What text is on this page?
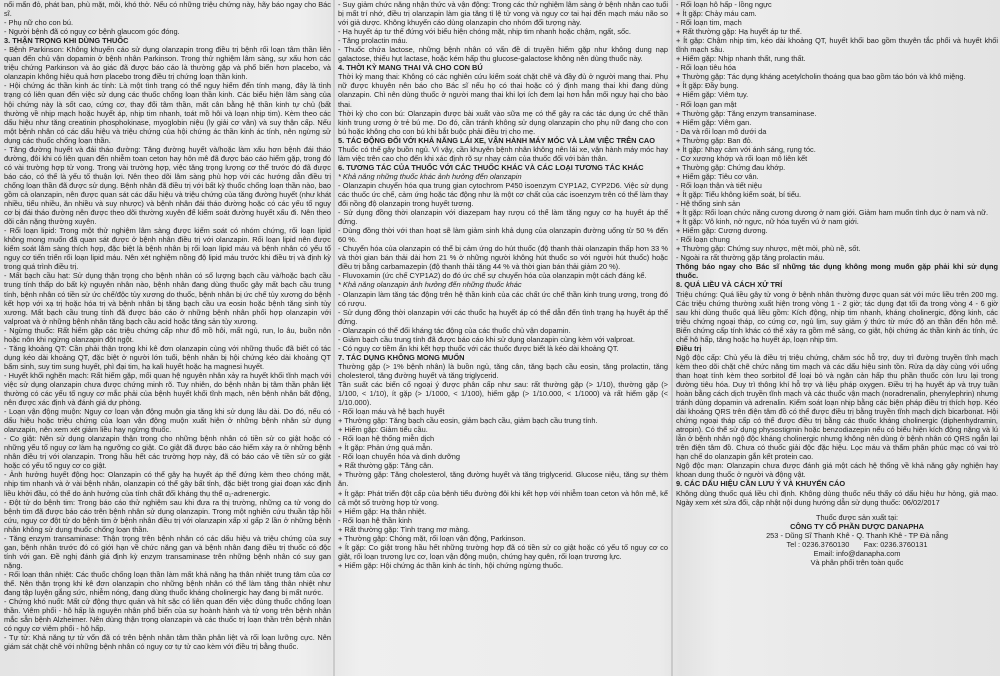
nổi mẩn đỏ, phát ban, phù mặt, môi, khó thở. Nếu có những triệu chứng này, hãy báo ngay cho Bác sĩ.

- Phụ nữ cho con bú.

- Người bệnh đã có nguy cơ bệnh glaucom góc đóng.

3. THẬN TRỌNG KHI DÙNG THUỐC

- Bệnh Parkinson: Không khuyến cáo sử dụng olanzapin trong điều trị bệnh rối loạn tâm thần liên quan đến chủ vận dopamin ở bệnh nhân Parkinson. Trong thử nghiệm lâm sàng, sự xấu hơn các triệu chứng Parkinson và ảo giác đã được báo cáo là thường gặp và phổ biến hơn placebo, và olanzapin không hiệu quả hơn placebo trong điều trị chứng loạn thần kinh.

- Hội chứng ác thần kinh ác tính: Là một tình trạng có thể nguy hiểm đến tính mạng, đây là tình trạng có liên quan đến việc sử dụng các thuốc chống loạn thần kinh. Các biểu hiện lâm sàng của hội chứng này là sốt cao, cứng cơ, thay đổi tâm thần, mất cân bằng hệ thần kinh tự chủ (bất thường về nhịp mạch hoặc huyết áp, nhịp tim nhanh, toát mồ hôi và loạn nhịp tim). Kèm theo các dấu hiệu như tăng creatinin phosphokinase, myoglobin niệu (ly giải cơ vân) và suy thận cấp. Nếu một bệnh nhân có các dấu hiệu và triệu chứng của hội chứng ác thần kinh ác tính, nên ngừng sử dụng các thuốc chống loạn thần.

- Tăng đường huyết và đái tháo đường: Tăng đường huyết và/hoặc làm xấu hơn bệnh đái tháo đường, đôi khi có liên quan đến nhiễm toan ceton hay hôn mê đã được báo cáo hiếm gặp, trong đó có vài trường hợp tử vong. Trong vài trường hợp, việc tăng trọng lượng cơ thể trước đó đã được báo cáo, có thể là yếu tố thuận lợi. Nên theo dõi lâm sàng phù hợp với các hướng dẫn điều trị chống loạn thần đã được sử dụng. Bệnh nhân đã điều trị với bất kỳ thuốc chống loạn thần nào, bao gồm cả olanzapin, nên được quan sát các dấu hiệu và triệu chứng của tăng đường huyết (như khát nhiều, tiểu nhiều, ăn nhiều và suy nhược) và bệnh nhân đái tháo đường hoặc có các yếu tố nguy cơ bị đái tháo đường nên được theo dõi thường xuyên để kiểm soát đường huyết xấu đi. Nên theo dõi cân nặng thường xuyên.

- Rối loạn lipid: Trong một thử nghiệm lâm sàng được kiểm soát có nhóm chứng, rối loạn lipid không mong muốn đã quan sát được ở bệnh nhân điều trị với olanzapin. Rối loạn lipid nên được kiểm soát lâm sàng thích hợp, đặc biệt là bệnh nhân bị rối loạn lipid máu và bệnh nhân có yếu tố nguy cơ tiến triển rối loạn lipid máu. Nên xét nghiệm nồng độ lipid máu trước khi điều trị và định kỳ trong quá trình điều trị.

- Mất bạch cầu hạt: Sử dụng thận trọng cho bệnh nhân có số lượng bạch cầu và/hoặc bạch cầu trung tính thấp do bất kỳ nguyên nhân nào, bệnh nhân đang dùng thuốc gây mất bạch cầu trung tính, bệnh nhân có tiền sử ức chế/độc tủy xương do thuốc, bệnh nhân bị ức chế tủy xương do bệnh kết hợp với xạ trị hoặc hóa trị và bệnh nhân bị tăng bạch cầu ưa eosin hoặc bệnh tăng sinh tủy xương. Mất bạch cầu trung tính đã được báo cáo ở những bệnh nhân phối hợp olanzapin với valproat và ở những bệnh nhân tăng bạch cầu acid hoặc tăng sản tủy xương.

- Ngừng thuốc: Rất hiếm gặp các triệu chứng cấp như đổ mồ hôi, mất ngủ, run, lo âu, buồn nôn hoặc nôn khi ngừng olanzapin đột ngột.

- Tăng khoảng QT: Cần phải thận trọng khi kê đơn olanzapin cùng với những thuốc đã biết có tác dụng kéo dài khoảng QT, đặc biệt ở người lớn tuổi, bệnh nhân bị hội chứng kéo dài khoảng QT bẩm sinh, suy tim sung huyết, phì đại tim, hạ kali huyết hoặc hạ magnesi huyết.

- Huyết khối nghẽn mạch: Rất hiếm gặp, mối quan hệ nguyên nhân xảy ra huyết khối tĩnh mạch với việc sử dụng olanzapin chưa được chứng minh rõ. Tuy nhiên, do bệnh nhân bị tâm thần phân liệt thường có các yếu tố nguy cơ mắc phải của bệnh huyết khối tĩnh mạch, nên bệnh nhân bất động, nên được xác định và đánh giá dự phòng.

- Loạn vận động muộn: Nguy cơ loạn vận động muộn gia tăng khi sử dụng lâu dài. Do đó, nếu có dấu hiệu hoặc triệu chứng của loạn vận động muộn xuất hiện ở những bệnh nhân sử dụng olanzapin, nên xem xét giảm liều hay ngừng thuốc.

- Co giật: Nên sử dụng olanzapin thận trọng cho những bệnh nhân có tiền sử co giật hoặc có những yếu tố nguy cơ làm hạ ngưỡng co giật. Co giật đã được báo cáo hiếm xảy ra ở những bệnh nhân điều trị với olanzapin. Trong hầu hết các trường hợp này, đã có báo cáo về tiền sử co giật hoặc có yếu tố nguy cơ co giật.

- Ảnh hưởng huyết động học: Olanzapin có thể gây hạ huyết áp thế đứng kèm theo chóng mặt, nhịp tim nhanh và ở vài bệnh nhân, olanzapin có thể gây bất tỉnh, đặc biệt trong giai đoạn xác định liều khởi đầu, có thể do ảnh hưởng của tính chất đối kháng thụ thể α₁-adrenergic.

- Đột tử do bệnh tim: Trong báo cáo thử nghiệm sau khi đưa ra thị trường, những ca tử vong do bệnh tim đã được báo cáo trên bệnh nhân sử dụng olanzapin. Trong một nghiên cứu thuần tập hồi cứu, nguy cơ đột tử do bệnh tim ở bệnh nhân điều trị với olanzapin xấp xỉ gấp 2 lần ở những bệnh nhân không sử dụng thuốc chống loạn thần.

- Tăng enzym transaminase: Thận trọng trên bệnh nhân có các dấu hiệu và triệu chứng của suy gan, bệnh nhân trước đó có giới hạn về chức năng gan và bệnh nhân đang điều trị thuốc có độc tính với gan. Đề nghị đánh giá định kỳ enzym transaminase trên những bệnh nhân có suy gan nặng.

- Rối loạn thân nhiệt: Các thuốc chống loạn thần làm mất khả năng hạ thân nhiệt trung tâm của cơ thể. Nên thận trọng khi kê đơn olanzapin cho những bệnh nhân có thể làm tăng thân nhiệt như đang tập luyện gắng sức, nhiễm nóng, đang dùng thuốc kháng cholinergic hay đang bị mất nước.

- Chứng khó nuốt: Mất cử động thực quản và hít sặc có liên quan đến việc dùng thuốc chống loạn thần. Viêm phổi - hô hấp là nguyên nhân phổ biến của sự hoành hành và tử vong trên bệnh nhân mắc sẵn bệnh Alzheimer. Nên dùng thận trọng olanzapin và các thuốc trị loạn thần trên bệnh nhân có nguy cơ viêm phổi - hô hấp.

- Tự tử: Khả năng tự tử vốn đã có trên bệnh nhân tâm thần phân liệt và rối loạn lưỡng cực. Nên giám sát chặt chẽ với những bệnh nhân có nguy cơ tự tử cao kèm với điều trị bằng thuốc.

- Suy giảm chức năng nhận thức và vận động: Trong các thử nghiệm lâm sàng ở bệnh nhân cao tuổi bị mất trí nhớ, điều trị olanzapin làm gia tăng tỉ lệ tử vong và nguy cơ tai hại đến mạch máu não so với giả dược. Không khuyến cáo dùng olanzapin cho nhóm đối tượng này.

- Hạ huyết áp tư thế đứng với biểu hiện chóng mặt, nhịp tim nhanh hoặc chậm, ngất, sốc.

- Tăng prolactin máu.

- Thuốc chứa lactose, những bệnh nhân có vấn đề di truyền hiếm gặp như không dung nạp galactose, thiếu hụt lactase, hoặc kém hấp thu glucose-galactose không nên dùng thuốc này.

4. THỜI KỲ MANG THAI VÀ CHO CON BÚ

Thời kỳ mang thai: Không có các nghiên cứu kiểm soát chặt chẽ và đầy đủ ở người mang thai. Phụ nữ được khuyên nên báo cho Bác sĩ nếu họ có thai hoặc có ý định mang thai khi đang dùng olanzapin. Chỉ nên dùng thuốc ở người mang thai khi lợi ích đem lại hơn hẳn mối nguy hại cho bào thai.

Thời kỳ cho con bú: Olanzapin được bài xuất vào sữa mẹ có thể gây ra các tác dụng ức chế thần kinh trung ương ở trẻ bú mẹ. Do đó, cần tránh không sử dụng olanzapin cho phụ nữ đang cho con bú hoặc không cho con bú khi bắt buộc phải điều trị cho mẹ.

5. TÁC ĐỘNG ĐỐI VỚI KHẢ NĂNG LÁI XE, VẬN HÀNH MÁY MÓC VÀ LÀM VIỆC TRÊN CAO

Thuốc có thể gây buồn ngủ. Vì vậy, cần khuyên bệnh nhân không nên lái xe, vận hành máy móc hay làm việc trên cao cho đến khi xác định rõ sự nhạy cảm của thuốc đối với bản thân.

6. TƯƠNG TÁC CỦA THUỐC VỚI CÁC THUỐC KHÁC VÀ CÁC LOẠI TƯƠNG TÁC KHÁC

* Khả năng những thuốc khác ảnh hưởng đến olanzapin

- Olanzapin chuyển hóa qua trung gian cytochrom P450 isoenzym CYP1A2, CYP2D6. Việc sử dụng các thuốc ức chế, cảm ứng hoặc tác động như là một cơ chất của các isoenzym trên có thể làm thay đổi nồng độ olanzapin trong huyết tương.

- Sử dụng đồng thời olanzapin với diazepam hay rượu có thể làm tăng nguy cơ hạ huyết áp thế đứng.

- Dùng đồng thời với than hoạt sẽ làm giảm sinh khả dụng của olanzapin đường uống từ 50 % đến 60 %.

- Chuyển hóa của olanzapin có thể bị cảm ứng do hút thuốc (độ thanh thải olanzapin thấp hơn 33 % và thời gian bán thải dài hơn 21 % ở những người không hút thuốc so với người hút thuốc) hoặc điều trị bằng carbamazepin (độ thanh thải tăng 44 % và thời gian bán thải giảm 20 %).

- Fluvoxamin (ức chế CYP1A2) do đó ức chế sự chuyển hóa của olanzapin một cách đáng kể.

* Khả năng olanzapin ảnh hưởng đến những thuốc khác

- Olanzapin làm tăng tác động trên hệ thần kinh của các chất ức chế thần kinh trung ương, trong đó có rượu.

- Sử dụng đồng thời olanzapin với các thuốc hạ huyết áp có thể dẫn đến tình trạng hạ huyết áp thế đứng.

- Olanzapin có thể đối kháng tác động của các thuốc chủ vận dopamin.

- Giảm bạch cầu trung tính đã được báo cáo khi sử dụng olanzapin cùng kèm với valproat.

- Có nguy cơ tiềm ẩn khi kết hợp thuốc với các thuốc được biết là kéo dài khoảng QT.

7. TÁC DỤNG KHÔNG MONG MUỐN

Thường gặp (> 1% bệnh nhân) là buồn ngủ, tăng cân, tăng bạch cầu eosin, tăng prolactin, tăng cholesterol, tăng đường huyết và tăng triglycerid.

Tần suất các biến cố ngoại ý được phân cấp như sau: rất thường gặp (> 1/10), thường gặp (> 1/100, < 1/10), ít gặp (> 1/1000, < 1/100), hiếm gặp (> 1/10.000, < 1/1000) và rất hiếm gặp (< 1/10.000).

- Rối loạn máu và hệ bạch huyết

+ Thường gặp: Tăng bạch cầu eosin, giảm bạch cầu, giảm bạch cầu trung tính.

+ Hiếm gặp: Giảm tiểu cầu.

- Rối loạn hệ thống miễn dịch

+ Ít gặp: Phản ứng quá mẫn.

- Rối loạn chuyển hóa và dinh dưỡng

+ Rất thường gặp: Tăng cân.

+ Thường gặp: Tăng cholesterol, tăng đường huyết và tăng triglycerid. Glucose niệu, tăng sự thèm ăn.

+ Ít gặp: Phát triển đột cấp của bệnh tiểu đường đôi khi kết hợp với nhiễm toan ceton và hôn mê, kể cả một số trường hợp tử vong.

+ Hiếm gặp: Hạ thân nhiệt.

- Rối loạn hệ thần kinh

+ Rất thường gặp: Tình trạng mơ màng.

+ Thường gặp: Chóng mặt, rối loạn vận động, Parkinson.

+ Ít gặp: Co giật trong hầu hết những trường hợp đã có tiền sử co giật hoặc có yếu tố nguy cơ co giật, rối loạn trương lực cơ, loạn vận động muộn, chứng hay quên, rối loạn trương lực.

+ Hiếm gặp: Hội chứng ác thần kinh ác tính, hội chứng ngừng thuốc.

- Rối loạn hô hấp - lồng ngực

+ Ít gặp: Chảy máu cam.

- Rối loạn tim, mạch

+ Rất thường gặp: Hạ huyết áp tư thế.

+ Ít gặp: Chậm nhịp tim, kéo dài khoảng QT, huyết khối bao gồm thuyên tắc phổi và huyết khối tĩnh mạch sâu.

+ Hiếm gặp: Nhịp nhanh thất, rung thất.

- Rối loạn tiêu hóa

+ Thường gặp: Tác dụng kháng acetylcholin thoáng qua bao gồm táo bón và khô miệng.

+ Ít gặp: Đầy bụng.

+ Hiếm gặp: Viêm tụy.

- Rối loạn gan mật

+ Thường gặp: Tăng enzym transaminase.

+ Hiếm gặp: Viêm gan.

- Da và rối loạn mô dưới da

+ Thường gặp: Ban đỏ.

+ Ít gặp: Nhạy cảm với ánh sáng, rụng tóc.

- Cơ xương khớp và rối loạn mô liên kết

+ Thường gặp: Chứng đau khớp.

+ Hiếm gặp: Tiêu cơ vân.

- Rối loạn thận và tiết niệu

+ Ít gặp: Tiểu không kiểm soát, bí tiểu.

- Hệ thống sinh sản

+ Ít gặp: Rối loạn chức năng cương dương ở nam giới. Giảm ham muốn tình dục ở nam và nữ.

+ Ít gặp: Vô kinh, nở ngực, nữ hóa tuyến vú ở nam giới.

+ Hiếm gặp: Cương dương.

- Rối loạn chung

+ Thường gặp: Chứng suy nhược, mệt mỏi, phù nề, sốt.

- Ngoài ra rất thường gặp tăng prolactin máu.

Thông báo ngay cho Bác sĩ những tác dụng không mong muốn gặp phải khi sử dụng thuốc.

8. QUÁ LIỀU VÀ CÁCH XỬ TRÍ

Triệu chứng: Quá liều gây tử vong ở bệnh nhân thường được quan sát với mức liều trên 200 mg. Các triệu chứng thường xuất hiện trong vòng 1 - 2 giờ; tác dụng đạt tối đa trong vòng 4 - 6 giờ sau khi dùng thuốc quá liều gồm: Kích động, nhịp tim nhanh, kháng cholinergic, động kinh, các triệu chứng ngoại tháp, co cứng cơ, ngủ lịm, suy giảm ý thức từ mức độ an thần đến hôn mê. Biến chứng cấp tính khác có thể xảy ra gồm mê sảng, co giật, hội chứng ác thần kinh ác tính, ức chế hô hấp, tăng hoặc hạ huyết áp, loạn nhịp tim.

Điều trị

Ngộ độc cấp: Chủ yếu là điều trị triệu chứng, chăm sóc hỗ trợ, duy trì đường truyền tĩnh mạch kèm theo dõi chặt chẽ chức năng tim mạch và các dấu hiệu sinh tồn. Rửa dạ dày cùng với uống than hoạt tính kèm theo sorbitol để loại bỏ và ngăn cản hấp thu phần thuốc còn lưu lại trong đường tiêu hóa. Duy trì thông khí hỗ trợ và liệu pháp oxygen. Điều trị hạ huyết áp và trụy tuần hoàn bằng cách dịch truyền tĩnh mạch và các thuốc vận mạch (noradrenalin, phenylephrin) nhưng tránh dùng dopamin và adrenalin. Kiểm soát loạn nhịp bằng các biện pháp điều trị thích hợp. Kéo dài khoảng QRS trên điện tâm đồ có thể được điều trị bằng truyền tĩnh mạch dịch bicarbonat. Hội chứng ngoại tháp cấp có thể được điều trị bằng các thuốc kháng cholinergic (diphenhydramin, atropin). Có thể sử dụng physostigmin hoặc benzodiazepin nếu có biểu hiện kích động nặng và lú lẫn ở bệnh nhân ngộ độc kháng cholinergic nhưng không nên dùng ở bệnh nhân có QRS ngắn lại trên điện tâm đồ. Chưa có thuốc giải độc đặc hiệu. Lọc máu và thẩm phân phúc mạc có vai trò hạn chế do olanzapin gắn kết protein cao.

Ngộ độc mạn: Olanzapin chưa được đánh giá một cách hệ thống về khả năng gây nghiện hay khoan dung thuốc ở người và động vật.

9. CÁC DẤU HIỆU CẦN LƯU Ý VÀ KHUYẾN CÁO

Không dùng thuốc quá liều chỉ định. Không dùng thuốc nếu thấy có dấu hiệu hư hỏng, giả mạo. Ngày xem xét sửa đổi, cập nhật nội dung hướng dẫn sử dụng thuốc: 06/02/2017

Thuốc được sản xuất tại:

CÔNG TY CỔ PHẦN DƯỢC DANAPHA

253 - Dũng Sĩ Thanh Khê - Q. Thanh Khê - TP Đà nẵng

Tel : 0236.3760130 Fax: 0236.3760131

Email: info@danapha.com

Và phân phối trên toàn quốc
